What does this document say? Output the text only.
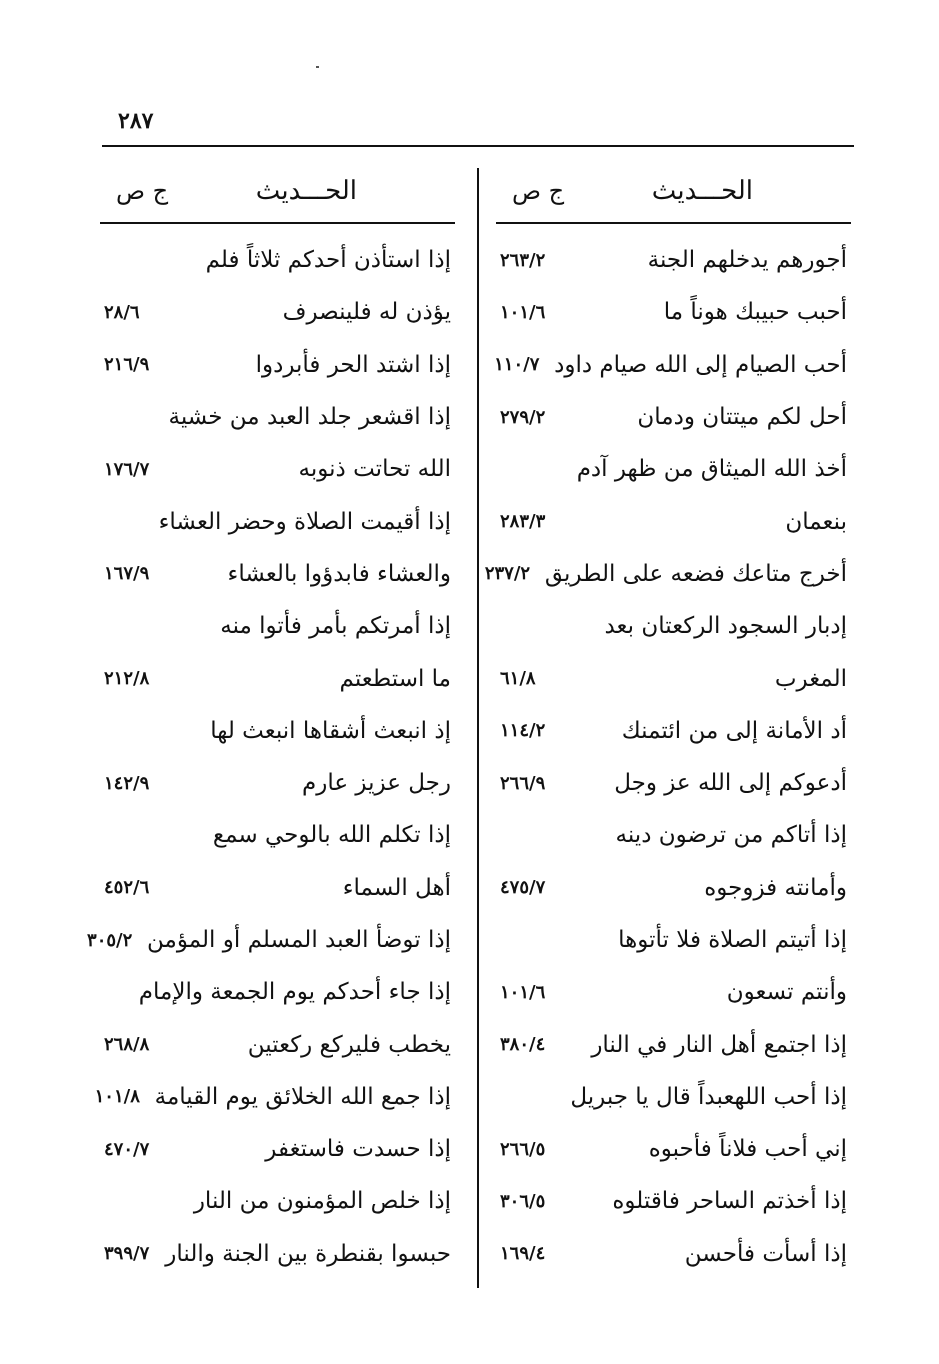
٢٨٧
الحـــديث
ج ص
أجورهم يدخلهم الجنة
٢٦٣/٢
أحبب حبيبك هوناً ما
١٠١/٦
أحب الصيام إلى الله صيام داود
١١٠/٧
أحل لكم ميتتان ودمان
٢٧٩/٢
أخذ الله الميثاق من ظهر آدم
بنعمان
٢٨٣/٣
أخرج متاعك فضعه على الطريق
٢٣٧/٢
إدبار السجود الركعتان بعد
المغرب
٦١/٨
أد الأمانة إلى من ائتمنك
١١٤/٢
أدعوكم إلى الله عز وجل
٢٦٦/٩
إذا أتاكم من ترضون دينه
وأمانته فزوجوه
٤٧٥/٧
إذا أتيتم الصلاة فلا تأتوها
وأنتم تسعون
١٠١/٦
إذا اجتمع أهل النار في النار
٣٨٠/٤
إذا أحب اللهعبداً قال يا جبريل
إني أحب فلاناً فأحبوه
٢٦٦/٥
إذا أخذتم الساحر فاقتلوه
٣٠٦/٥
إذا أسأت فأحسن
١٦٩/٤
الحـــديث
ج ص
إذا استأذن أحدكم ثلاثاً فلم
يؤذن له فلينصرف
٢٨/٦
إذا اشتد الحر فأبردوا
٢١٦/٩
إذا اقشعر جلد العبد من خشية
الله تحاتت ذنوبه
١٧٦/٧
إذا أقيمت الصلاة وحضر العشاء
والعشاء فابدؤوا بالعشاء
١٦٧/٩
إذا أمرتكم بأمر فأتوا منه
ما استطعتم
٢١٢/٨
إذ انبعث أشقاها انبعث لها
رجل عزيز عارم
١٤٢/٩
إذا تكلم الله بالوحي سمع
أهل السماء
٤٥٢/٦
إذا توضأ العبد المسلم أو المؤمن
٣٠٥/٢
إذا جاء أحدكم يوم الجمعة والإمام
يخطب فليركع ركعتين
٢٦٨/٨
إذا جمع الله الخلائق يوم القيامة
١٠١/٨
إذا حسدت فاستغفر
٤٧٠/٧
إذا خلص المؤمنون من النار
حبسوا بقنطرة بين الجنة والنار
٣٩٩/٧
